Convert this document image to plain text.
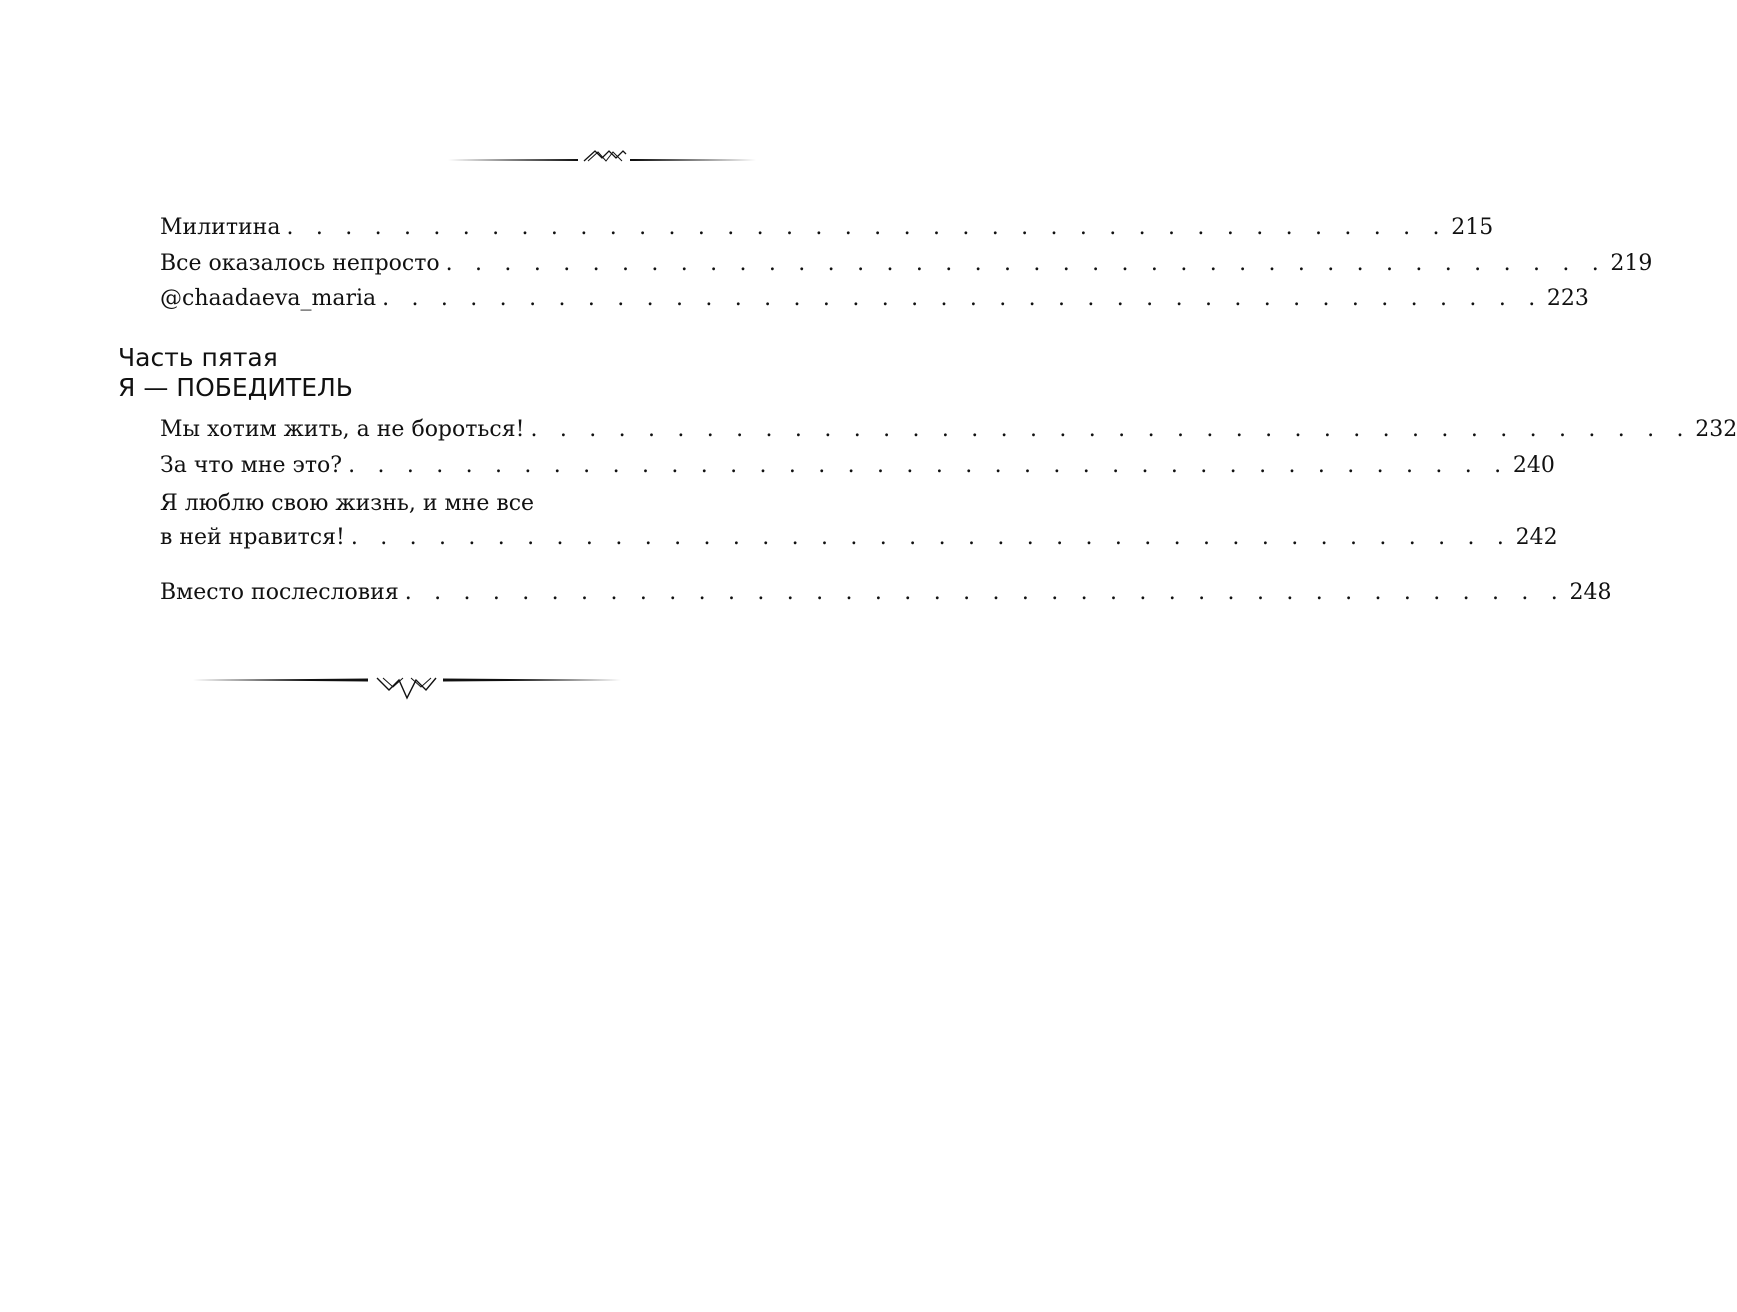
Милитина . . . . . . . . . . . . . . . . . . . . . . . . . . . . . . . . . . . . . . . . 215
Все оказалось непросто . . . . . . . . . . . . . . . . . . . . . . . . . . . . . . . . . . . . . . . . 219
@chaadaeva_maria . . . . . . . . . . . . . . . . . . . . . . . . . . . . . . . . . . . . . . . . 223
Часть пятая
Я — ПОБЕДИТЕЛЬ
Мы хотим жить, а не бороться! . . . . . . . . . . . . . . . . . . . . . . . . . . . . . . . . . . . . . . . . 232
За что мне это? . . . . . . . . . . . . . . . . . . . . . . . . . . . . . . . . . . . . . . . . 240
Я люблю свою жизнь, и мне все
в ней нравится! . . . . . . . . . . . . . . . . . . . . . . . . . . . . . . . . . . . . . . . . 242
Вместо послесловия . . . . . . . . . . . . . . . . . . . . . . . . . . . . . . . . . . . . . . . . 248
